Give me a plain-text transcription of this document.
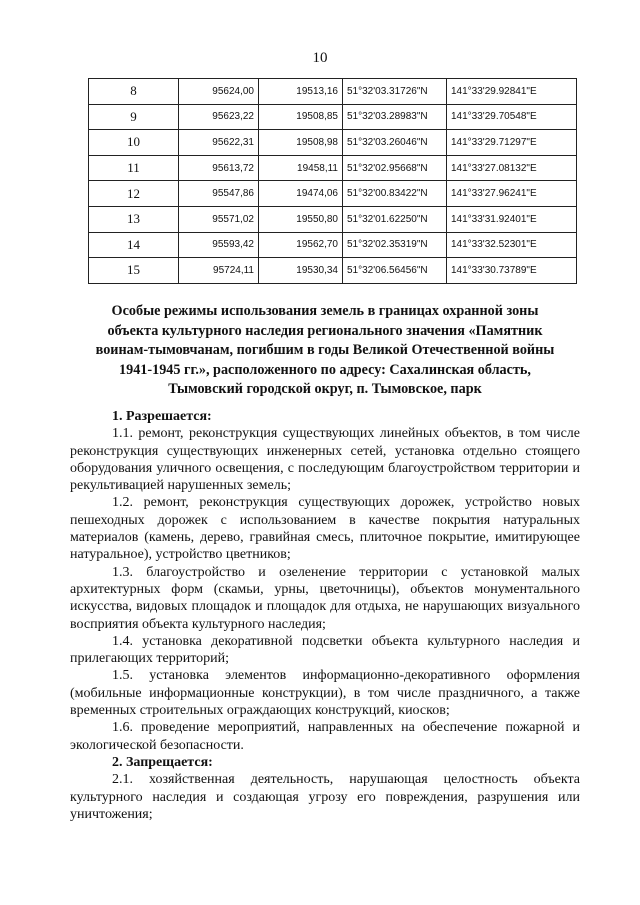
10
8	95624,00	19513,16	51°32'03.31726"N	141°33'29.92841"E
9	95623,22	19508,85	51°32'03.28983"N	141°33'29.70548"E
10	95622,31	19508,98	51°32'03.26046"N	141°33'29.71297"E
11	95613,72	19458,11	51°32'02.95668"N	141°33'27.08132"E
12	95547,86	19474,06	51°32'00.83422"N	141°33'27.96241"E
13	95571,02	19550,80	51°32'01.62250"N	141°33'31.92401"E
14	95593,42	19562,70	51°32'02.35319"N	141°33'32.52301"E
15	95724,11	19530,34	51°32'06.56456"N	141°33'30.73789"E
Особые режимы использования земель в границах охранной зоны
объекта культурного наследия регионального значения «Памятник
воинам-тымовчанам, погибшим в годы Великой Отечественной войны
1941-1945 гг.», расположенного по адресу: Сахалинская область,
Тымовский городской округ, п. Тымовское, парк
1. Разрешается:
1.1. ремонт, реконструкция существующих линейных объектов, в том числе реконструкция существующих инженерных сетей, установка отдельно стоящего оборудования уличного освещения, с последующим благоустройством территории и рекультивацией нарушенных земель;
1.2. ремонт, реконструкция существующих дорожек, устройство новых пешеходных дорожек с использованием в качестве покрытия натуральных материалов (камень, дерево, гравийная смесь, плиточное покрытие, имитирующее натуральное), устройство цветников;
1.3. благоустройство и озеленение территории с установкой малых архитектурных форм (скамьи, урны, цветочницы), объектов монументального искусства, видовых площадок и площадок для отдыха, не нарушающих визуального восприятия объекта культурного наследия;
1.4. установка декоративной подсветки объекта культурного наследия и прилегающих территорий;
1.5. установка элементов информационно-декоративного оформления (мобильные информационные конструкции), в том числе праздничного, а также временных строительных ограждающих конструкций, киосков;
1.6. проведение мероприятий, направленных на обеспечение пожарной и экологической безопасности.
2. Запрещается:
2.1. хозяйственная деятельность, нарушающая целостность объекта культурного наследия и создающая угрозу его повреждения, разрушения или уничтожения;
